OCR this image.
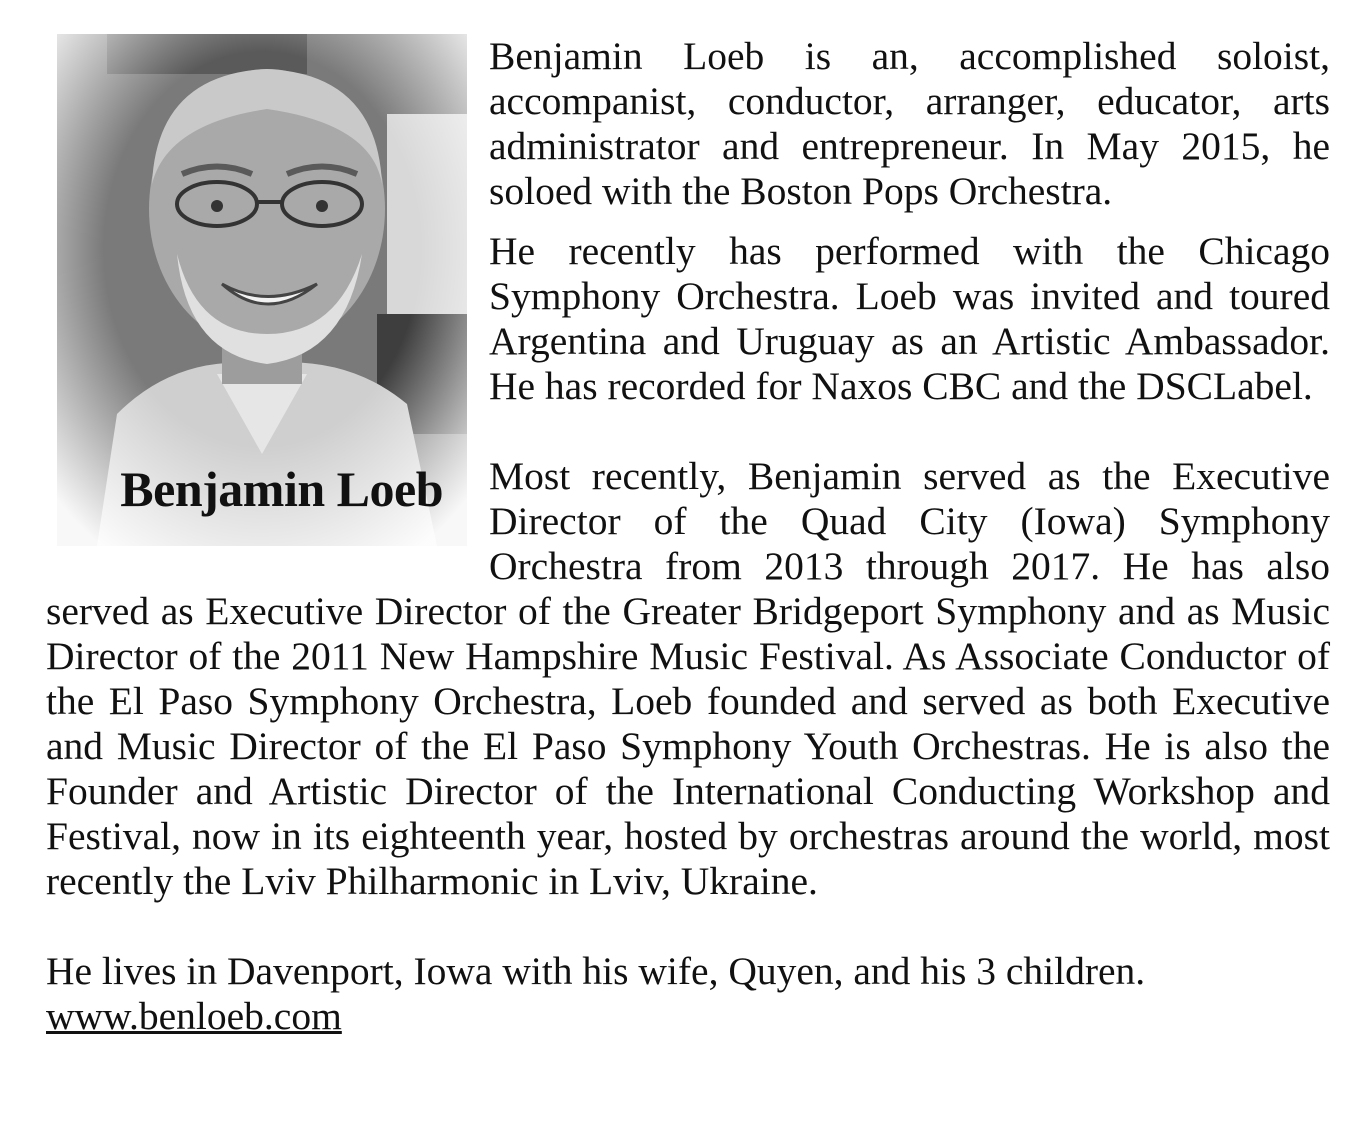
Benjamin Loeb

Benjamin Loeb is an, accomplished soloist, accompanist, conductor, arranger, educator, arts administrator and entrepreneur. In May 2015, he soloed with the Boston Pops Orchestra.

He recently has performed with the Chicago Symphony Orchestra. Loeb was invited and toured Argentina and Uruguay as an Artistic Ambassador. He has recorded for Naxos CBC and the DSCLabel.

Most recently, Benjamin served as the Executive Director of the Quad City (Iowa) Symphony Orchestra from 2013 through 2017. He has also served as Executive Director of the Greater Bridgeport Symphony and as Music Director of the 2011 New Hampshire Music Festival. As Associate Conductor of the El Paso Symphony Orchestra, Loeb founded and served as both Executive and Music Director of the El Paso Symphony Youth Orchestras. He is also the Founder and Artistic Director of the International Conducting Workshop and Festival, now in its eighteenth year, hosted by orchestras around the world, most recently the Lviv Philharmonic in Lviv, Ukraine.

He lives in Davenport, Iowa with his wife, Quyen, and his 3 children.

www.benloeb.com
